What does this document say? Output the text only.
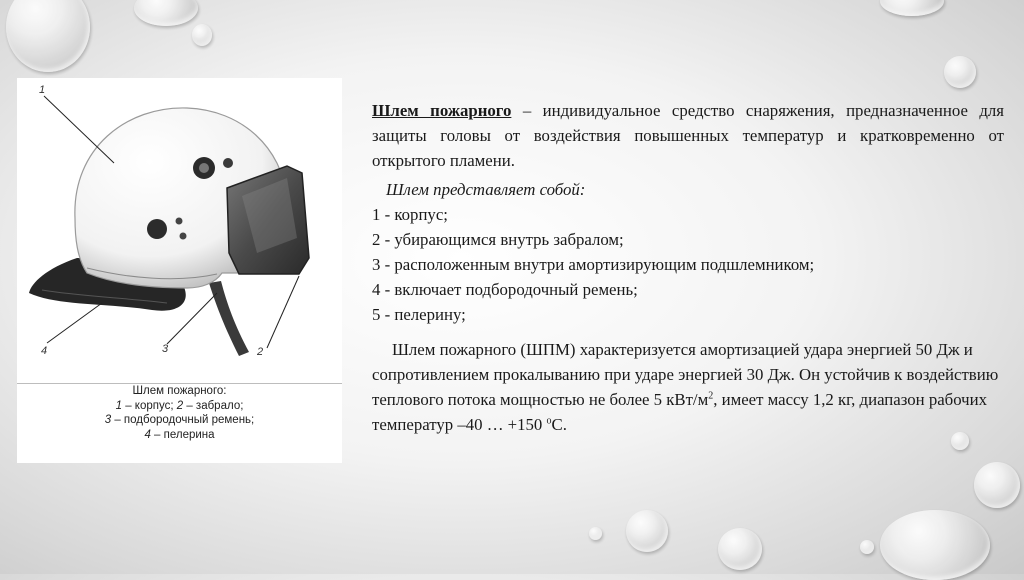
1
4	3	2
Шлем пожарного:
1 – корпус; 2 – забрало;
3 – подбородочный ремень;
4 – пелерина
Шлем пожарного – индивидуальное средство снаряжения, предназначенное для защиты головы от воздействия повышенных температур и кратковременно от открытого пламени.
Шлем представляет собой:
1 - корпус;
2 - убирающимся внутрь забралом;
3 - расположенным внутри амортизирующим подшлемником;
4 - включает подбородочный ремень;
5 - пелерину;
Шлем пожарного (ШПМ) характеризуется амортизацией удара энергией 50 Дж и сопротивлением прокалыванию при ударе энергией 30 Дж. Он устойчив к воздействию теплового потока мощностью не более 5 кВт/$м^2$, имеет массу 1,2 кг, диапазон рабочих температур –40 … +150 $^о$С.
